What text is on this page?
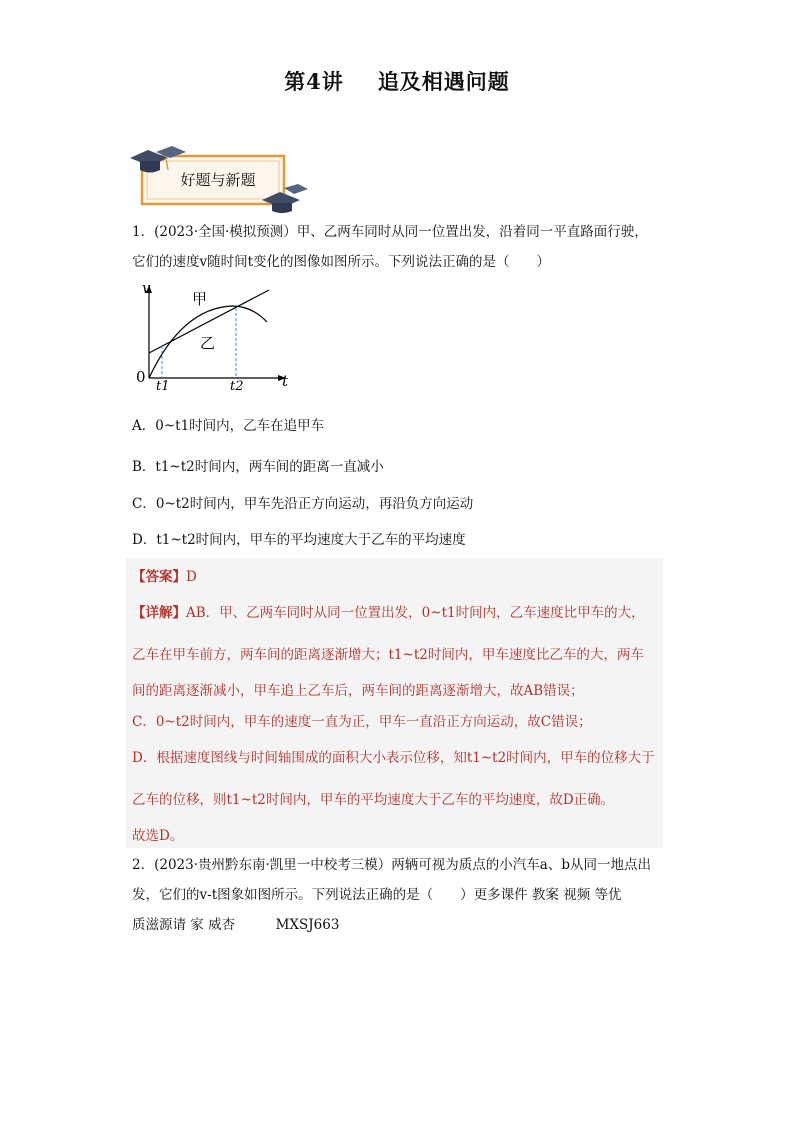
第4讲 追及相遇问题
好题与新题
1．(2023·全国·模拟预测）甲、乙两车同时从同一位置出发，沿着同一平直路面行驶，
它们的速度v随时间t变化的图像如图所示。下列说法正确的是（　　）
v
t
0
t1	t2
甲
乙
A．0~t1时间内，乙车在追甲车
B．t1~t2时间内，两车间的距离一直减小
C．0~t2时间内，甲车先沿正方向运动，再沿负方向运动
D．t1~t2时间内，甲车的平均速度大于乙车的平均速度
【答案】D
【详解】AB．甲、乙两车同时从同一位置出发，0~t1时间内，乙车速度比甲车的大，
乙车在甲车前方，两车间的距离逐渐增大；t1~t2时间内，甲车速度比乙车的大，两车
间的距离逐渐减小，甲车追上乙车后，两车间的距离逐渐增大，故AB错误；
C．0~t2时间内，甲车的速度一直为正，甲车一直沿正方向运动，故C错误；
D．根据速度图线与时间轴围成的面积大小表示位移，知t1~t2时间内，甲车的位移大于
乙车的位移，则t1~t2时间内，甲车的平均速度大于乙车的平均速度，故D正确。
故选D。
2．(2023·贵州黔东南·凯里一中校考三模）两辆可视为质点的小汽车a、b从同一地点出
发，它们的v-t图象如图所示。下列说法正确的是（　　）更多课件 教案 视频 等优
质滋源请 家 威杏　　　MXSJ663
